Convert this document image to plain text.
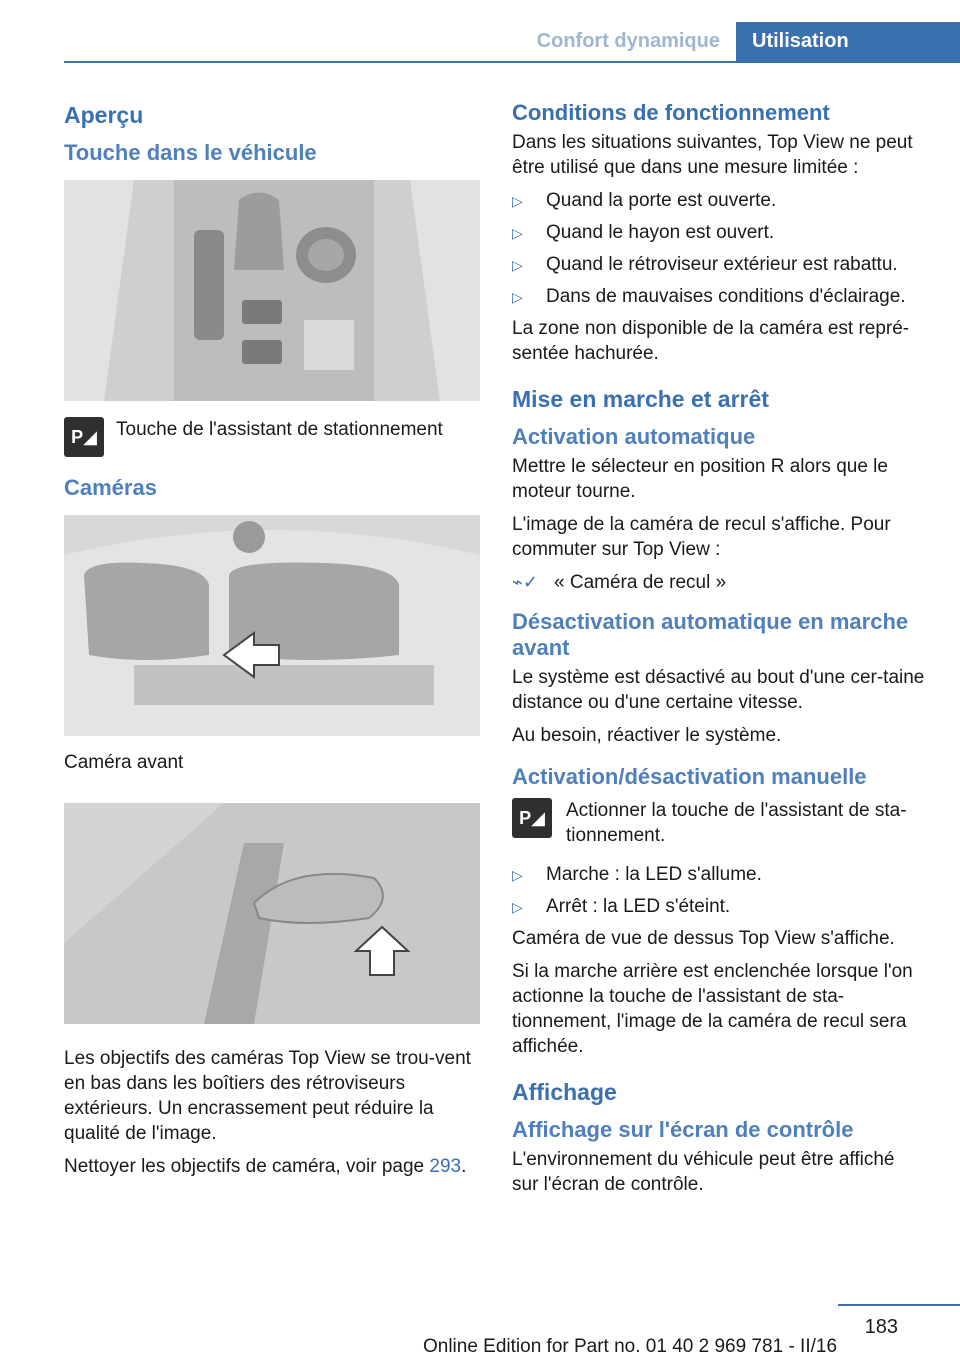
Confort dynamique	Utilisation
Aperçu
Touche dans le véhicule
P◢	Touche de l'assistant de stationnement
Caméras
Caméra avant

Les objectifs des caméras Top View se trou-vent en bas dans les boîtiers des rétroviseurs extérieurs. Un encrassement peut réduire la qualité de l'image.

Nettoyer les objectifs de caméra, voir page 293.

Conditions de fonctionnement

Dans les situations suivantes, Top View ne peut être utilisé que dans une mesure limitée :

▷ Quand la porte est ouverte.
▷ Quand le hayon est ouvert.
▷ Quand le rétroviseur extérieur est rabattu.
▷ Dans de mauvaises conditions d'éclairage.

La zone non disponible de la caméra est repré-sentée hachurée.

Mise en marche et arrêt
Activation automatique

Mettre le sélecteur en position R alors que le moteur tourne.

L'image de la caméra de recul s'affiche. Pour commuter sur Top View :

⌁✓ « Caméra de recul »
Désactivation automatique en marche avant

Le système est désactivé au bout d'une cer-taine distance ou d'une certaine vitesse.

Au besoin, réactiver le système.

Activation/désactivation manuelle
P◢	Actionner la touche de l'assistant de sta-tionnement.
▷ Marche : la LED s'allume.
▷ Arrêt : la LED s'éteint.

Caméra de vue de dessus Top View s'affiche.

Si la marche arrière est enclenchée lorsque l'on actionne la touche de l'assistant de sta-tionnement, l'image de la caméra de recul sera affichée.

Affichage
Affichage sur l'écran de contrôle

L'environnement du véhicule peut être affiché sur l'écran de contrôle.

183
Online Edition for Part no. 01 40 2 969 781 - II/16
